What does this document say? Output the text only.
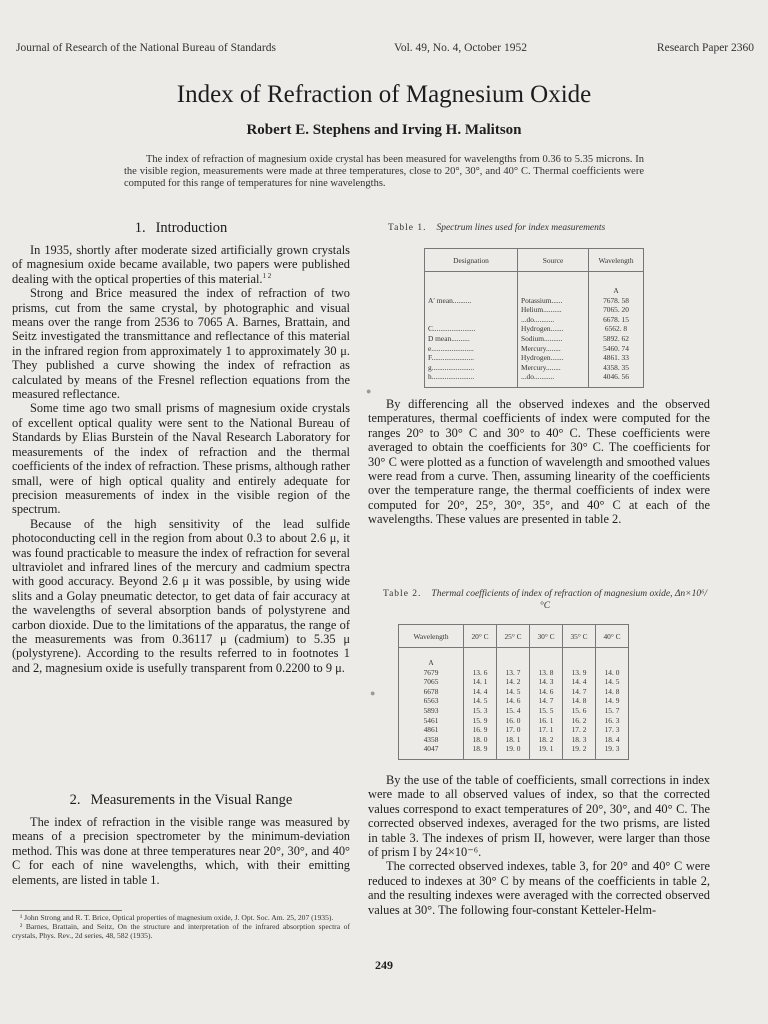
Journal of Research of the National Bureau of Standards	Vol. 49, No. 4, October 1952	Research Paper 2360
Index of Refraction of Magnesium Oxide
Robert E. Stephens and Irving H. Malitson

The index of refraction of magnesium oxide crystal has been measured for wavelengths from 0.36 to 5.35 microns. In the visible region, measurements were made at three temperatures, close to 20°, 30°, and 40° C. Thermal coefficients were computed for this range of temperatures for nine wavelengths.

1. Introduction

In 1935, shortly after moderate sized artificially grown crystals of magnesium oxide became available, two papers were published dealing with the optical properties of this material.$^{1 2}$

Strong and Brice measured the index of refraction of two prisms, cut from the same crystal, by photographic and visual means over the range from 2536 to 7065 A. Barnes, Brattain, and Seitz investigated the transmittance and reflectance of this material in the infrared region from approximately 1 to approximately 30 μ. They published a curve showing the index of refraction as calculated by means of the Fresnel reflection equations from the measured reflectance.

Some time ago two small prisms of magnesium oxide crystals of excellent optical quality were sent to the National Bureau of Standards by Elias Burstein of the Naval Research Laboratory for measurements of the index of refraction and the thermal coefficients of the index of refraction. These prisms, although rather small, were of high optical quality and entirely adequate for precision measurements of index in the visible region of the spectrum.

Because of the high sensitivity of the lead sulfide photoconducting cell in the region from about 0.3 to about 2.6 μ, it was found practicable to measure the index of refraction for several ultraviolet and infrared lines of the mercury and cadmium spectra with good accuracy. Beyond 2.6 μ it was possible, by using wide slits and a Golay pneumatic detector, to get data of fair accuracy at the wavelengths of several absorption bands of polystyrene and carbon dioxide. Due to the limitations of the apparatus, the range of the measurements was from 0.36117 μ (cadmium) to 5.35 μ (polystyrene). According to the results referred to in footnotes 1 and 2, magnesium oxide is usefully transparent from 0.2200 to 9 μ.

2. Measurements in the Visual Range

The index of refraction in the visible range was measured by means of a precision spectrometer by the minimum-deviation method. This was done at three temperatures near 20°, 30°, and 40° C for each of nine wavelengths, which, with their emitting elements, are listed in table 1.

¹ John Strong and R. T. Brice, Optical properties of magnesium oxide, J. Opt. Soc. Am. 25, 207 (1935).

² Barnes, Brattain, and Seitz, On the structure and interpretation of the infrared absorption spectra of crystals, Phys. Rev., 2d series, 48, 582 (1935).

Table 1. Spectrum lines used for index measurements
Designation	Source	Wavelength
		A
A′ mean..........	Potassium......	7678. 58
	Helium..........	7065. 20
	...do...........	6678. 15
C.......................	Hydrogen.......	6562. 8
D mean..........	Sodium..........	5892. 62
e.......................	Mercury........	5460. 74
F.......................	Hydrogen.......	4861. 33
g.......................	Mercury........	4358. 35
h.......................	...do...........	4046. 56
●

By differencing all the observed indexes and the observed temperatures, thermal coefficients of index were computed for the ranges 20° to 30° C and 30° to 40° C. These coefficients were averaged to obtain the coefficients for 30° C. The coefficients for 30° C were plotted as a function of wavelength and smoothed values were read from a curve. Then, assuming linearity of the coefficients over the temperature range, the thermal coefficients of index were computed for 20°, 25°, 30°, 35°, and 40° C at each of the wavelengths. These values are presented in table 2.

Table 2. Thermal coefficients of index of refraction of magnesium oxide, Δn×10⁶/°C
Wavelength	20° C	25° C	30° C	35° C	40° C
A					
7679	13. 6	13. 7	13. 8	13. 9	14. 0
7065	14. 1	14. 2	14. 3	14. 4	14. 5
6678	14. 4	14. 5	14. 6	14. 7	14. 8
6563	14. 5	14. 6	14. 7	14. 8	14. 9
5893	15. 3	15. 4	15. 5	15. 6	15. 7
5461	15. 9	16. 0	16. 1	16. 2	16. 3
4861	16. 9	17. 0	17. 1	17. 2	17. 3
4358	18. 0	18. 1	18. 2	18. 3	18. 4
4047	18. 9	19. 0	19. 1	19. 2	19. 3
●

By the use of the table of coefficients, small corrections in index were made to all observed values of index, so that the corrected values correspond to exact temperatures of 20°, 30°, and 40° C. The corrected observed indexes, averaged for the two prisms, are listed in table 3. The indexes of prism II, however, were larger than those of prism I by 24×10⁻⁶.

The corrected observed indexes, table 3, for 20° and 40° C were reduced to indexes at 30° C by means of the coefficients in table 2, and the resulting indexes were averaged with the corrected observed values at 30°. The following four-constant Ketteler-Helm-

249
